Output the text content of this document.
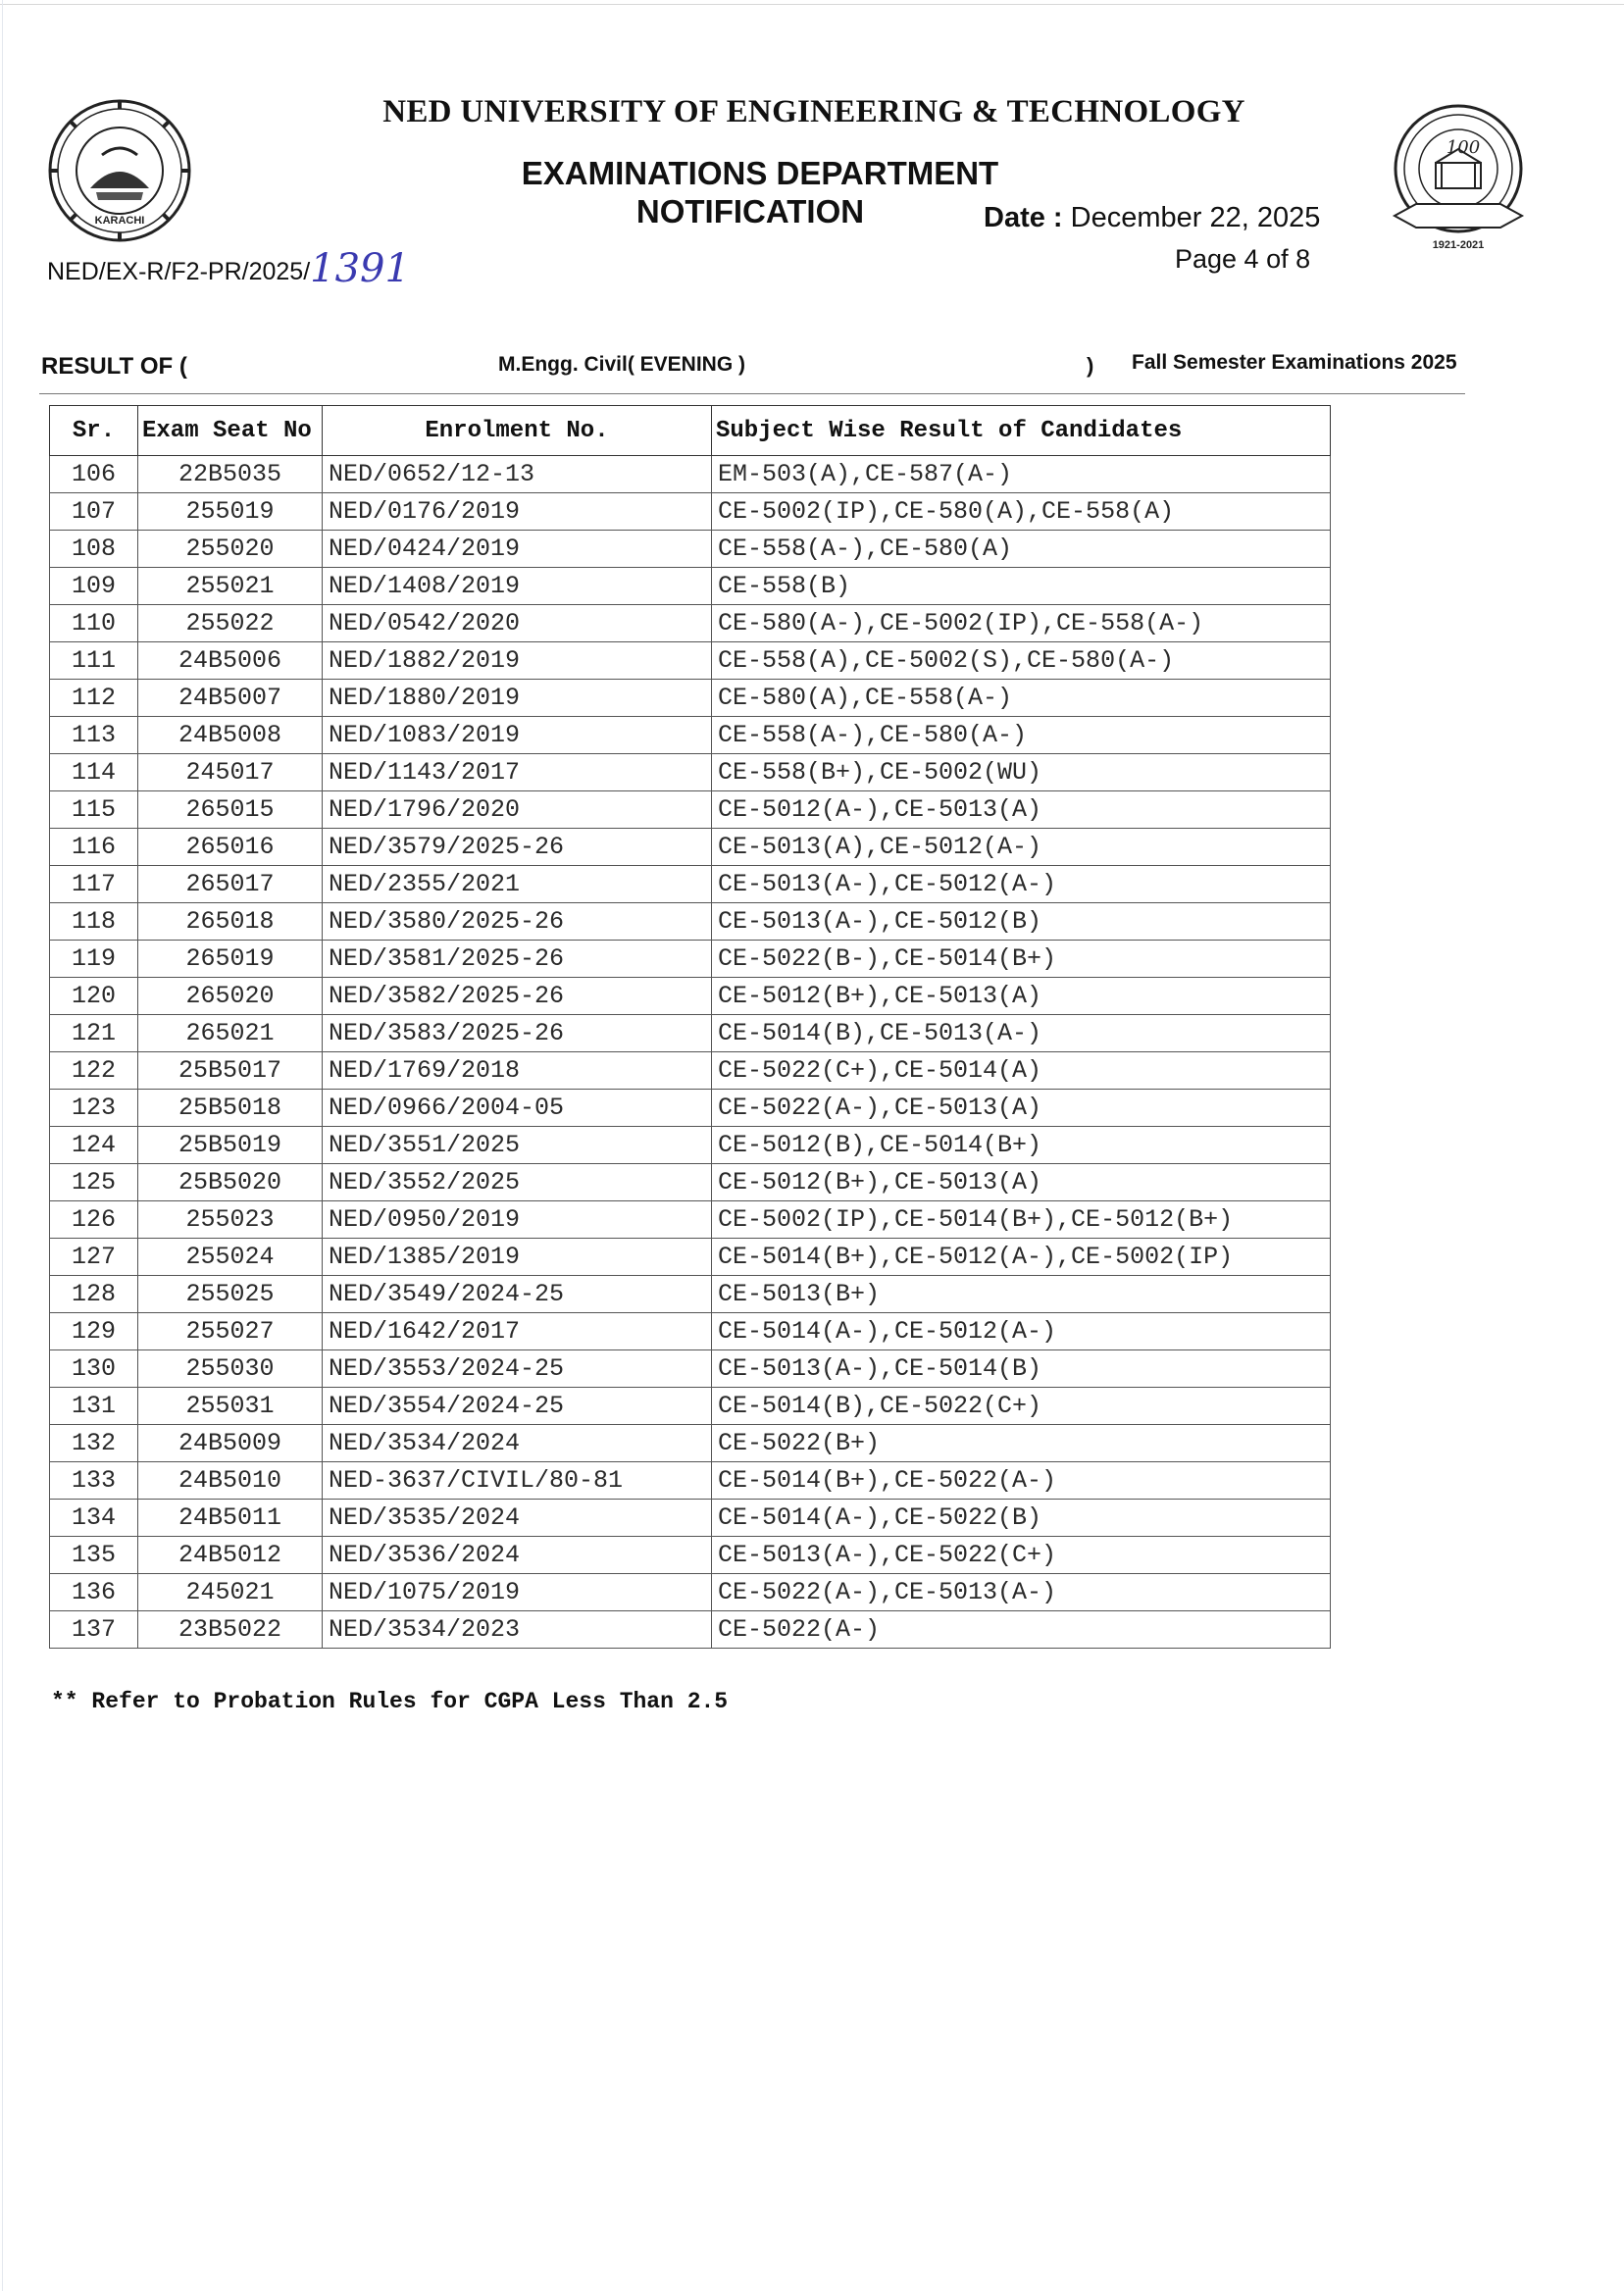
KARACHI
100
1921-2021
NED UNIVERSITY OF ENGINEERING & TECHNOLOGY
EXAMINATIONS DEPARTMENT
NOTIFICATION	Date : December 22, 2025
Page 4 of 8
NED/EX-R/F2-PR/2025/1391
RESULT OF (	M.Engg. Civil( EVENING )	) Fall Semester Examinations 2025
Sr.	Exam Seat No	Enrolment No.	Subject Wise Result of Candidates
106	22B5035	NED/0652/12-13	EM-503(A),CE-587(A-)
107	255019	NED/0176/2019	CE-5002(IP),CE-580(A),CE-558(A)
108	255020	NED/0424/2019	CE-558(A-),CE-580(A)
109	255021	NED/1408/2019	CE-558(B)
110	255022	NED/0542/2020	CE-580(A-),CE-5002(IP),CE-558(A-)
111	24B5006	NED/1882/2019	CE-558(A),CE-5002(S),CE-580(A-)
112	24B5007	NED/1880/2019	CE-580(A),CE-558(A-)
113	24B5008	NED/1083/2019	CE-558(A-),CE-580(A-)
114	245017	NED/1143/2017	CE-558(B+),CE-5002(WU)
115	265015	NED/1796/2020	CE-5012(A-),CE-5013(A)
116	265016	NED/3579/2025-26	CE-5013(A),CE-5012(A-)
117	265017	NED/2355/2021	CE-5013(A-),CE-5012(A-)
118	265018	NED/3580/2025-26	CE-5013(A-),CE-5012(B)
119	265019	NED/3581/2025-26	CE-5022(B-),CE-5014(B+)
120	265020	NED/3582/2025-26	CE-5012(B+),CE-5013(A)
121	265021	NED/3583/2025-26	CE-5014(B),CE-5013(A-)
122	25B5017	NED/1769/2018	CE-5022(C+),CE-5014(A)
123	25B5018	NED/0966/2004-05	CE-5022(A-),CE-5013(A)
124	25B5019	NED/3551/2025	CE-5012(B),CE-5014(B+)
125	25B5020	NED/3552/2025	CE-5012(B+),CE-5013(A)
126	255023	NED/0950/2019	CE-5002(IP),CE-5014(B+),CE-5012(B+)
127	255024	NED/1385/2019	CE-5014(B+),CE-5012(A-),CE-5002(IP)
128	255025	NED/3549/2024-25	CE-5013(B+)
129	255027	NED/1642/2017	CE-5014(A-),CE-5012(A-)
130	255030	NED/3553/2024-25	CE-5013(A-),CE-5014(B)
131	255031	NED/3554/2024-25	CE-5014(B),CE-5022(C+)
132	24B5009	NED/3534/2024	CE-5022(B+)
133	24B5010	NED-3637/CIVIL/80-81	CE-5014(B+),CE-5022(A-)
134	24B5011	NED/3535/2024	CE-5014(A-),CE-5022(B)
135	24B5012	NED/3536/2024	CE-5013(A-),CE-5022(C+)
136	245021	NED/1075/2019	CE-5022(A-),CE-5013(A-)
137	23B5022	NED/3534/2023	CE-5022(A-)
** Refer to Probation Rules for CGPA Less Than 2.5
